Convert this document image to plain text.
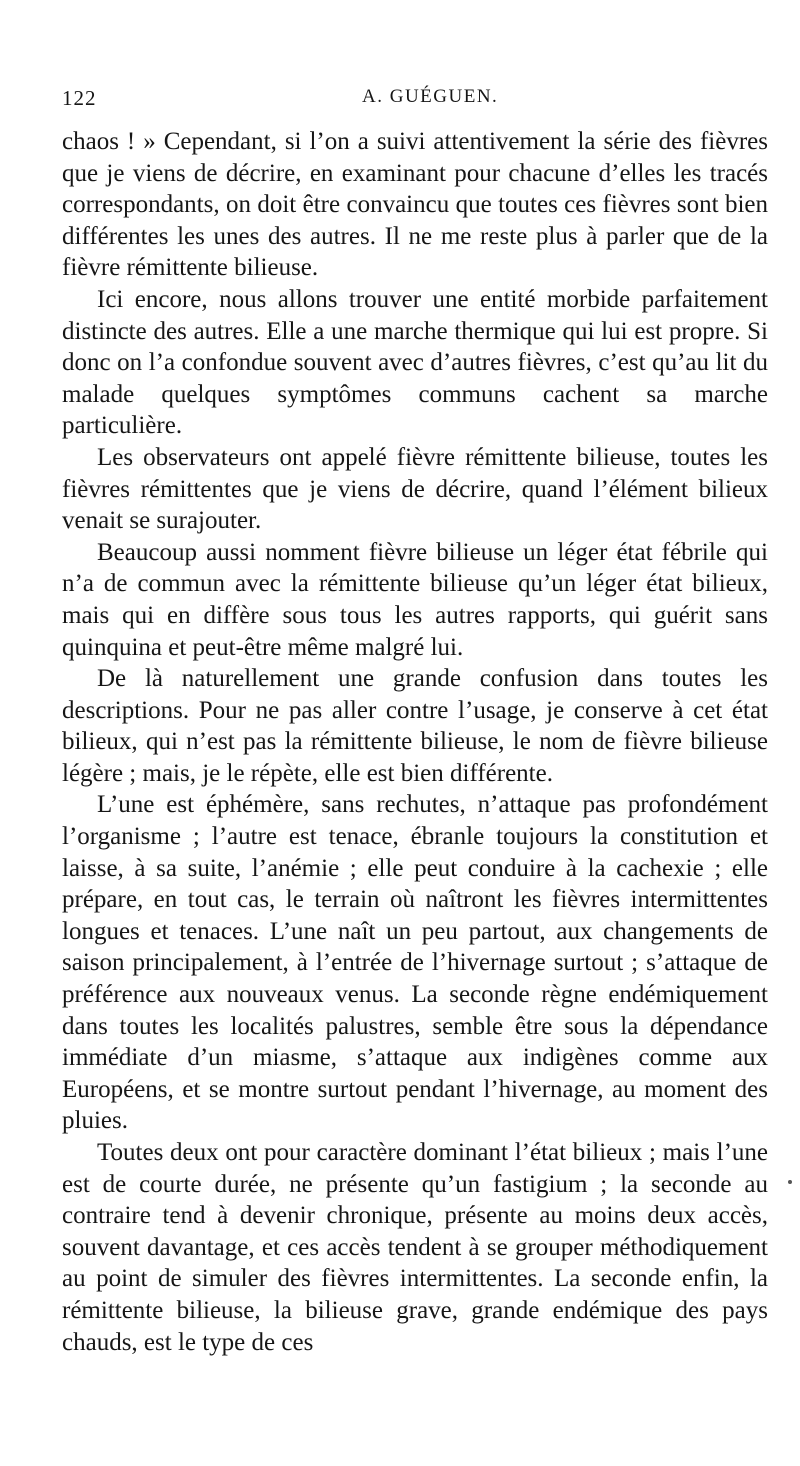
122	A. GUÉGUEN.

chaos ! » Cependant, si l’on a suivi attentivement la série des fièvres que je viens de décrire, en examinant pour chacune d’elles les tracés correspondants, on doit être convaincu que toutes ces fièvres sont bien différentes les unes des autres. Il ne me reste plus à parler que de la fièvre rémittente bilieuse.

Ici encore, nous allons trouver une entité morbide parfaitement distincte des autres. Elle a une marche thermique qui lui est propre. Si donc on l’a confondue souvent avec d’autres fièvres, c’est qu’au lit du malade quelques symptômes communs cachent sa marche particulière.

Les observateurs ont appelé fièvre rémittente bilieuse, toutes les fièvres rémittentes que je viens de décrire, quand l’élément bilieux venait se surajouter.

Beaucoup aussi nomment fièvre bilieuse un léger état fébrile qui n’a de commun avec la rémittente bilieuse qu’un léger état bilieux, mais qui en diffère sous tous les autres rapports, qui guérit sans quinquina et peut-être même malgré lui.

De là naturellement une grande confusion dans toutes les descriptions. Pour ne pas aller contre l’usage, je conserve à cet état bilieux, qui n’est pas la rémittente bilieuse, le nom de fièvre bilieuse légère ; mais, je le répète, elle est bien différente.

L’une est éphémère, sans rechutes, n’attaque pas profondément l’organisme ; l’autre est tenace, ébranle toujours la constitution et laisse, à sa suite, l’anémie ; elle peut conduire à la cachexie ; elle prépare, en tout cas, le terrain où naîtront les fièvres intermittentes longues et tenaces. L’une naît un peu partout, aux changements de saison principalement, à l’entrée de l’hivernage surtout ; s’attaque de préférence aux nouveaux venus. La seconde règne endémiquement dans toutes les localités palustres, semble être sous la dépendance immédiate d’un miasme, s’attaque aux indigènes comme aux Européens, et se montre surtout pendant l’hivernage, au moment des pluies.

Toutes deux ont pour caractère dominant l’état bilieux ; mais l’une est de courte durée, ne présente qu’un fastigium ; la seconde au contraire tend à devenir chronique, présente au moins deux accès, souvent davantage, et ces accès tendent à se grouper méthodiquement au point de simuler des fièvres intermittentes. La seconde enfin, la rémittente bilieuse, la bilieuse grave, grande endémique des pays chauds, est le type de ces
